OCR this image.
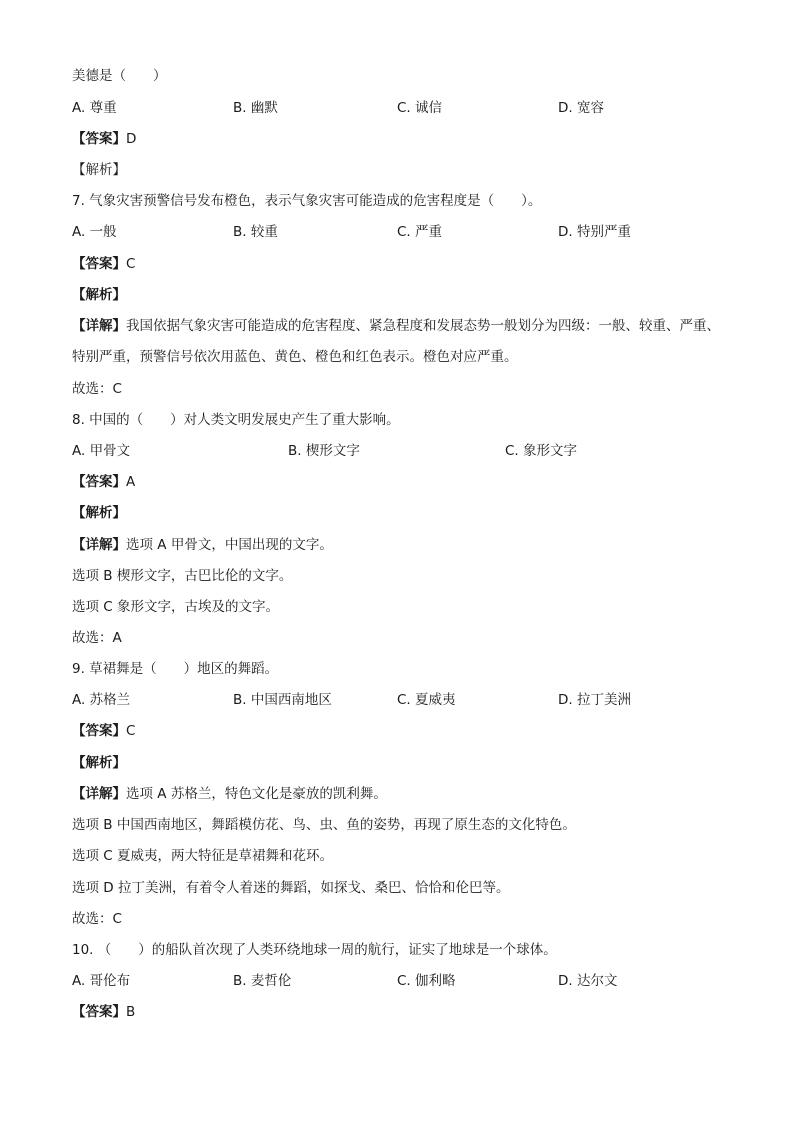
美德是（　　）
A. 尊重	B. 幽默	C. 诚信	D. 宽容
【答案】D
【解析】
7. 气象灾害预警信号发布橙色，表示气象灾害可能造成的危害程度是（　　）。
A. 一般	B. 较重	C. 严重	D. 特别严重
【答案】C
【解析】
【详解】我国依据气象灾害可能造成的危害程度、紧急程度和发展态势一般划分为四级：一般、较重、严重、特别严重，预警信号依次用蓝色、黄色、橙色和红色表示。橙色对应严重。
故选：C
8. 中国的（　　）对人类文明发展史产生了重大影响。
A. 甲骨文	B. 楔形文字	C. 象形文字
【答案】A
【解析】
【详解】选项 A 甲骨文，中国出现的文字。
选项 B 楔形文字，古巴比伦的文字。
选项 C 象形文字，古埃及的文字。
故选：A
9. 草裙舞是（　　）地区的舞蹈。
A. 苏格兰	B. 中国西南地区	C. 夏威夷	D. 拉丁美洲
【答案】C
【解析】
【详解】选项 A 苏格兰，特色文化是豪放的凯利舞。
选项 B 中国西南地区，舞蹈模仿花、鸟、虫、鱼的姿势，再现了原生态的文化特色。
选项 C 夏威夷，两大特征是草裙舞和花环。
选项 D 拉丁美洲，有着令人着迷的舞蹈，如探戈、桑巴、恰恰和伦巴等。
故选：C
10. （　　）的船队首次现了人类环绕地球一周的航行，证实了地球是一个球体。
A. 哥伦布	B. 麦哲伦	C. 伽利略	D. 达尔文
【答案】B
